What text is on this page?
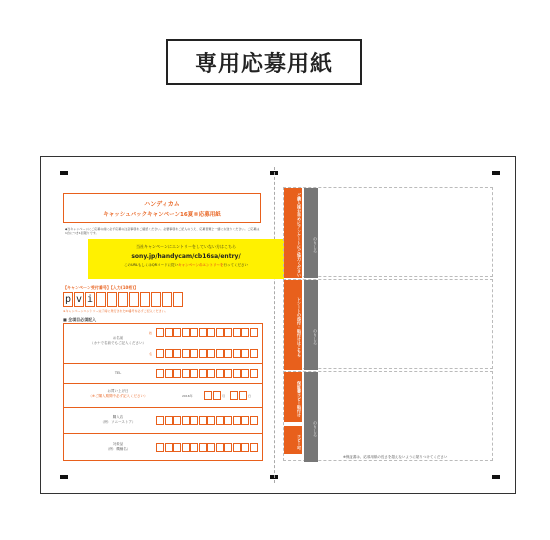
専用応募用紙
ハンディカム
キャッシュバックキャンペーン16夏®応募用紙
◆当キャンペーンにご応募の前に必ず応募の注意事項をご確認ください。必要事項をご記入のうえ、応募書類と一緒にお送りください。ご応募は1台につき1回限りです。
当社キャンペーンにエントリーをしていない方はこちら
sony.jp/handycam/cb16sa/entry/
このURLもしくはQRコードに従いキャンペーンのエントリーを行ってください
【キャンペーン受付番号】【入力(10桁)】
p v i
※キャンペーンエントリー完了時に発行されたID番号を必ずご記入ください。
■ 全項目必須記入
お名前
（カナで名前でもご記入ください）
姓
名
TEL
お買い上げ日
（※ご購入期間中必ず記入ください）	2016年	月	日
購入店
（例：ソニーストア）
対象品
（例：機種名）
ご購入後お早めにアンケートにご協力ください	のりしろ
レシートの添付・貼付けはこちら	のりしろ
保証書コピー貼付け
コピー可
のりしろ
※保証書は、応募用紙の長さを超えないように貼りつけてください
